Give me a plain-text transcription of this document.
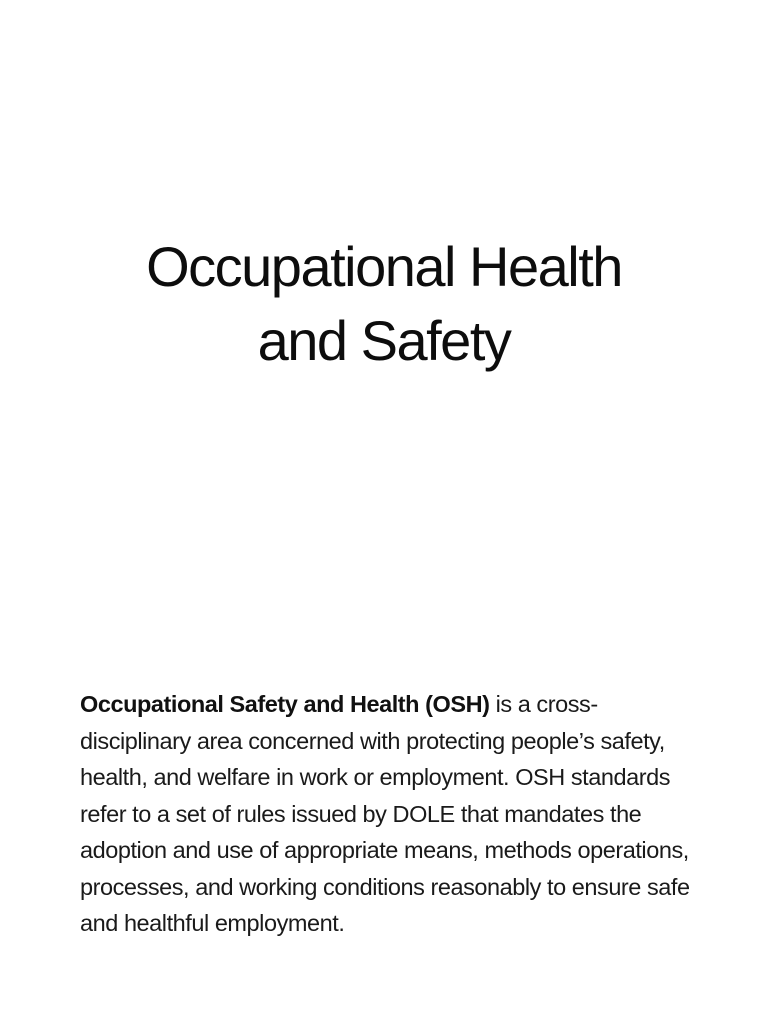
Occupational Health
and Safety
Occupational Safety and Health (OSH) is a cross-
disciplinary area concerned with protecting people’s safety,
health, and welfare in work or employment. OSH standards
refer to a set of rules issued by DOLE that mandates the
adoption and use of appropriate means, methods operations,
processes, and working conditions reasonably to ensure safe
and healthful employment.
